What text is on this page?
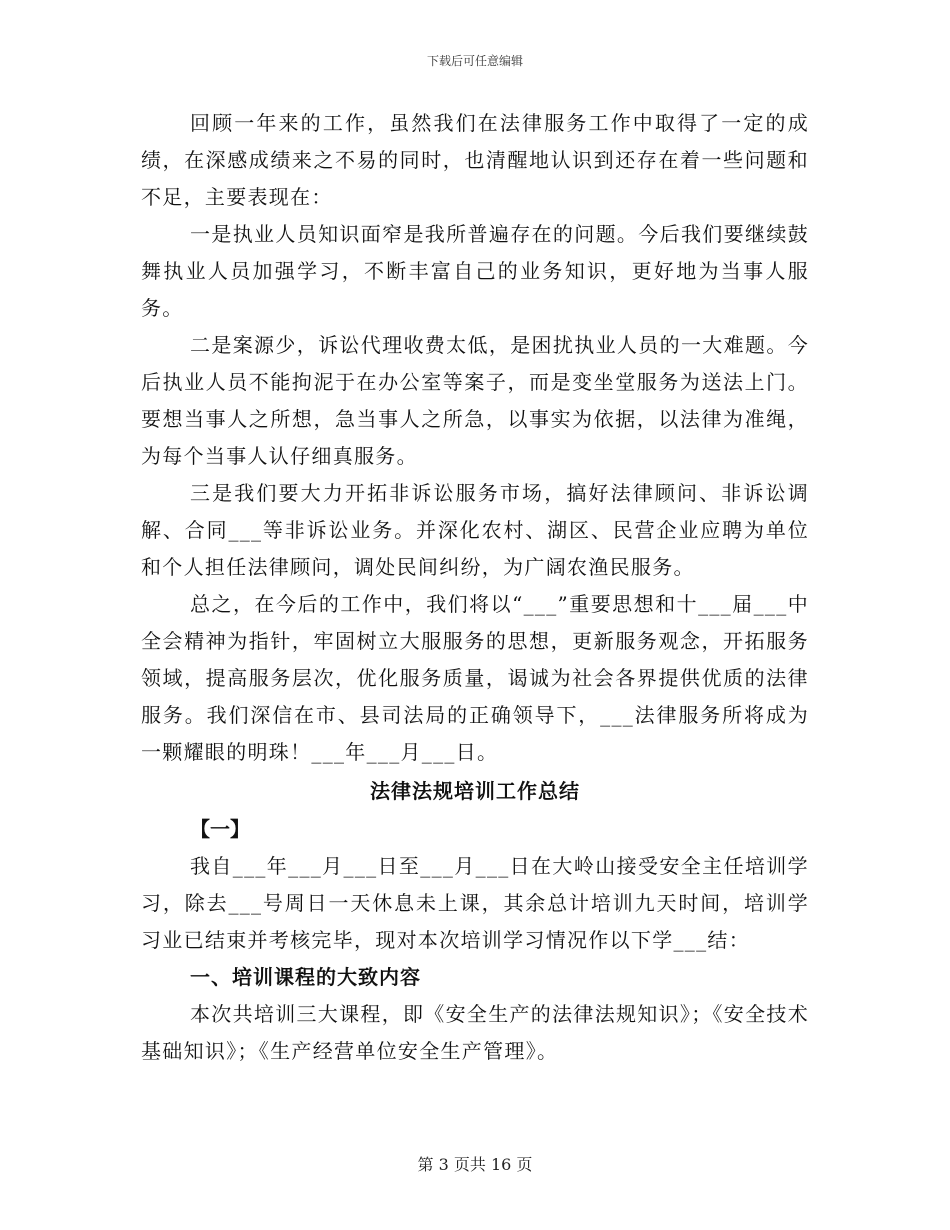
下载后可任意编辑

回顾一年来的工作，虽然我们在法律服务工作中取得了一定的成绩，在深感成绩来之不易的同时，也清醒地认识到还存在着一些问题和不足，主要表现在：

一是执业人员知识面窄是我所普遍存在的问题。今后我们要继续鼓舞执业人员加强学习，不断丰富自己的业务知识，更好地为当事人服务。

二是案源少，诉讼代理收费太低，是困扰执业人员的一大难题。今后执业人员不能拘泥于在办公室等案子，而是变坐堂服务为送法上门。要想当事人之所想，急当事人之所急，以事实为依据，以法律为准绳，为每个当事人认仔细真服务。

三是我们要大力开拓非诉讼服务市场，搞好法律顾问、非诉讼调解、合同___等非诉讼业务。并深化农村、湖区、民营企业应聘为单位和个人担任法律顾问，调处民间纠纷，为广阔农渔民服务。

总之，在今后的工作中，我们将以“___”重要思想和十___届___中全会精神为指针，牢固树立大服服务的思想，更新服务观念，开拓服务领域，提高服务层次，优化服务质量，谒诚为社会各界提供优质的法律服务。我们深信在市、县司法局的正确领导下，___法律服务所将成为一颗耀眼的明珠！___年___月___日。

法律法规培训工作总结

【一】

我自___年___月___日至___月___日在大岭山接受安全主任培训学习，除去___号周日一天休息未上课，其余总计培训九天时间，培训学习业已结束并考核完毕，现对本次培训学习情况作以下学___结：

一、培训课程的大致内容

本次共培训三大课程，即《安全生产的法律法规知识》；《安全技术基础知识》；《生产经营单位安全生产管理》。

第 3 页共 16 页
